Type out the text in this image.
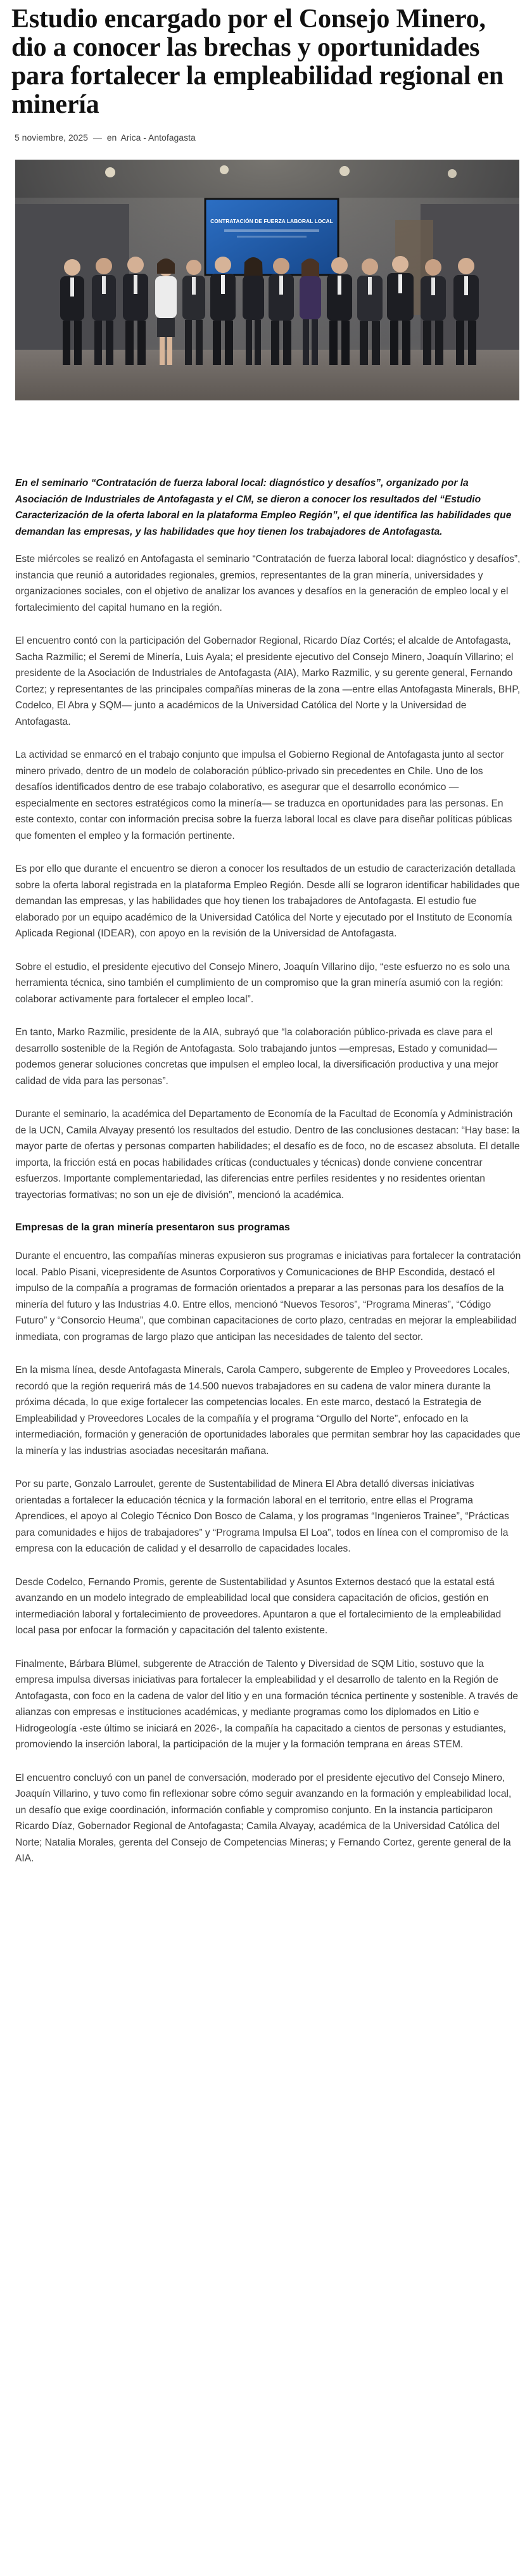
Estudio encargado por el Consejo Minero, dio a conocer las brechas y oportunidades para fortalecer la empleabilidad regional en minería
5 noviembre, 2025 — en Arica - Antofagasta
CONTRATACIÓN DE FUERZA LABORAL LOCAL

En el seminario “Contratación de fuerza laboral local: diagnóstico y desafíos”, organizado por la Asociación de Industriales de Antofagasta y el CM, se dieron a conocer los resultados del “Estudio Caracterización de la oferta laboral en la plataforma Empleo Región”, el que identifica las habilidades que demandan las empresas, y las habilidades que hoy tienen los trabajadores de Antofagasta.

Este miércoles se realizó en Antofagasta el seminario “Contratación de fuerza laboral local: diagnóstico y desafíos”, instancia que reunió a autoridades regionales, gremios, representantes de la gran minería, universidades y organizaciones sociales, con el objetivo de analizar los avances y desafíos en la generación de empleo local y el fortalecimiento del capital humano en la región.

El encuentro contó con la participación del Gobernador Regional, Ricardo Díaz Cortés; el alcalde de Antofagasta, Sacha Razmilic; el Seremi de Minería, Luis Ayala; el presidente ejecutivo del Consejo Minero, Joaquín Villarino; el presidente de la Asociación de Industriales de Antofagasta (AIA), Marko Razmilic, y su gerente general, Fernando Cortez; y representantes de las principales compañías mineras de la zona —entre ellas Antofagasta Minerals, BHP, Codelco, El Abra y SQM— junto a académicos de la Universidad Católica del Norte y la Universidad de Antofagasta.

La actividad se enmarcó en el trabajo conjunto que impulsa el Gobierno Regional de Antofagasta junto al sector minero privado, dentro de un modelo de colaboración público-privado sin precedentes en Chile. Uno de los desafíos identificados dentro de ese trabajo colaborativo, es asegurar que el desarrollo económico —especialmente en sectores estratégicos como la minería— se traduzca en oportunidades para las personas. En este contexto, contar con información precisa sobre la fuerza laboral local es clave para diseñar políticas públicas que fomenten el empleo y la formación pertinente.

Es por ello que durante el encuentro se dieron a conocer los resultados de un estudio de caracterización detallada sobre la oferta laboral registrada en la plataforma Empleo Región. Desde allí se lograron identificar habilidades que demandan las empresas, y las habilidades que hoy tienen los trabajadores de Antofagasta. El estudio fue elaborado por un equipo académico de la Universidad Católica del Norte y ejecutado por el Instituto de Economía Aplicada Regional (IDEAR), con apoyo en la revisión de la Universidad de Antofagasta.

Sobre el estudio, el presidente ejecutivo del Consejo Minero, Joaquín Villarino dijo, “este esfuerzo no es solo una herramienta técnica, sino también el cumplimiento de un compromiso que la gran minería asumió con la región: colaborar activamente para fortalecer el empleo local”.

En tanto, Marko Razmilic, presidente de la AIA, subrayó que “la colaboración público-privada es clave para el desarrollo sostenible de la Región de Antofagasta. Solo trabajando juntos —empresas, Estado y comunidad— podemos generar soluciones concretas que impulsen el empleo local, la diversificación productiva y una mejor calidad de vida para las personas”.

Durante el seminario, la académica del Departamento de Economía de la Facultad de Economía y Administración de la UCN, Camila Alvayay presentó los resultados del estudio. Dentro de las conclusiones destacan: “Hay base: la mayor parte de ofertas y personas comparten habilidades; el desafío es de foco, no de escasez absoluta. El detalle importa, la fricción está en pocas habilidades críticas (conductuales y técnicas) donde conviene concentrar esfuerzos. Importante complementariedad, las diferencias entre perfiles residentes y no residentes orientan trayectorias formativas; no son un eje de división”, mencionó la académica.

Empresas de la gran minería presentaron sus programas

Durante el encuentro, las compañías mineras expusieron sus programas e iniciativas para fortalecer la contratación local. Pablo Pisani, vicepresidente de Asuntos Corporativos y Comunicaciones de BHP Escondida, destacó el impulso de la compañía a programas de formación orientados a preparar a las personas para los desafíos de la minería del futuro y las Industrias 4.0. Entre ellos, mencionó “Nuevos Tesoros”, “Programa Mineras”, “Código Futuro” y “Consorcio Heuma”, que combinan capacitaciones de corto plazo, centradas en mejorar la empleabilidad inmediata, con programas de largo plazo que anticipan las necesidades de talento del sector.

En la misma línea, desde Antofagasta Minerals, Carola Campero, subgerente de Empleo y Proveedores Locales, recordó que la región requerirá más de 14.500 nuevos trabajadores en su cadena de valor minera durante la próxima década, lo que exige fortalecer las competencias locales. En este marco, destacó la Estrategia de Empleabilidad y Proveedores Locales de la compañía y el programa “Orgullo del Norte”, enfocado en la intermediación, formación y generación de oportunidades laborales que permitan sembrar hoy las capacidades que la minería y las industrias asociadas necesitarán mañana.

Por su parte, Gonzalo Larroulet, gerente de Sustentabilidad de Minera El Abra detalló diversas iniciativas orientadas a fortalecer la educación técnica y la formación laboral en el territorio, entre ellas el Programa Aprendices, el apoyo al Colegio Técnico Don Bosco de Calama, y los programas “Ingenieros Trainee”, “Prácticas para comunidades e hijos de trabajadores” y “Programa Impulsa El Loa”, todos en línea con el compromiso de la empresa con la educación de calidad y el desarrollo de capacidades locales.

Desde Codelco, Fernando Promis, gerente de Sustentabilidad y Asuntos Externos destacó que la estatal está avanzando en un modelo integrado de empleabilidad local que considera capacitación de oficios, gestión en intermediación laboral y fortalecimiento de proveedores. Apuntaron a que el fortalecimiento de la empleabilidad local pasa por enfocar la formación y capacitación del talento existente.

Finalmente, Bárbara Blümel, subgerente de Atracción de Talento y Diversidad de SQM Litio, sostuvo que la empresa impulsa diversas iniciativas para fortalecer la empleabilidad y el desarrollo de talento en la Región de Antofagasta, con foco en la cadena de valor del litio y en una formación técnica pertinente y sostenible. A través de alianzas con empresas e instituciones académicas, y mediante programas como los diplomados en Litio e Hidrogeología -este último se iniciará en 2026-, la compañía ha capacitado a cientos de personas y estudiantes, promoviendo la inserción laboral, la participación de la mujer y la formación temprana en áreas STEM.

El encuentro concluyó con un panel de conversación, moderado por el presidente ejecutivo del Consejo Minero, Joaquín Villarino, y tuvo como fin reflexionar sobre cómo seguir avanzando en la formación y empleabilidad local, un desafío que exige coordinación, información confiable y compromiso conjunto. En la instancia participaron Ricardo Díaz, Gobernador Regional de Antofagasta; Camila Alvayay, académica de la Universidad Católica del Norte; Natalia Morales, gerenta del Consejo de Competencias Mineras; y Fernando Cortez, gerente general de la AIA.
